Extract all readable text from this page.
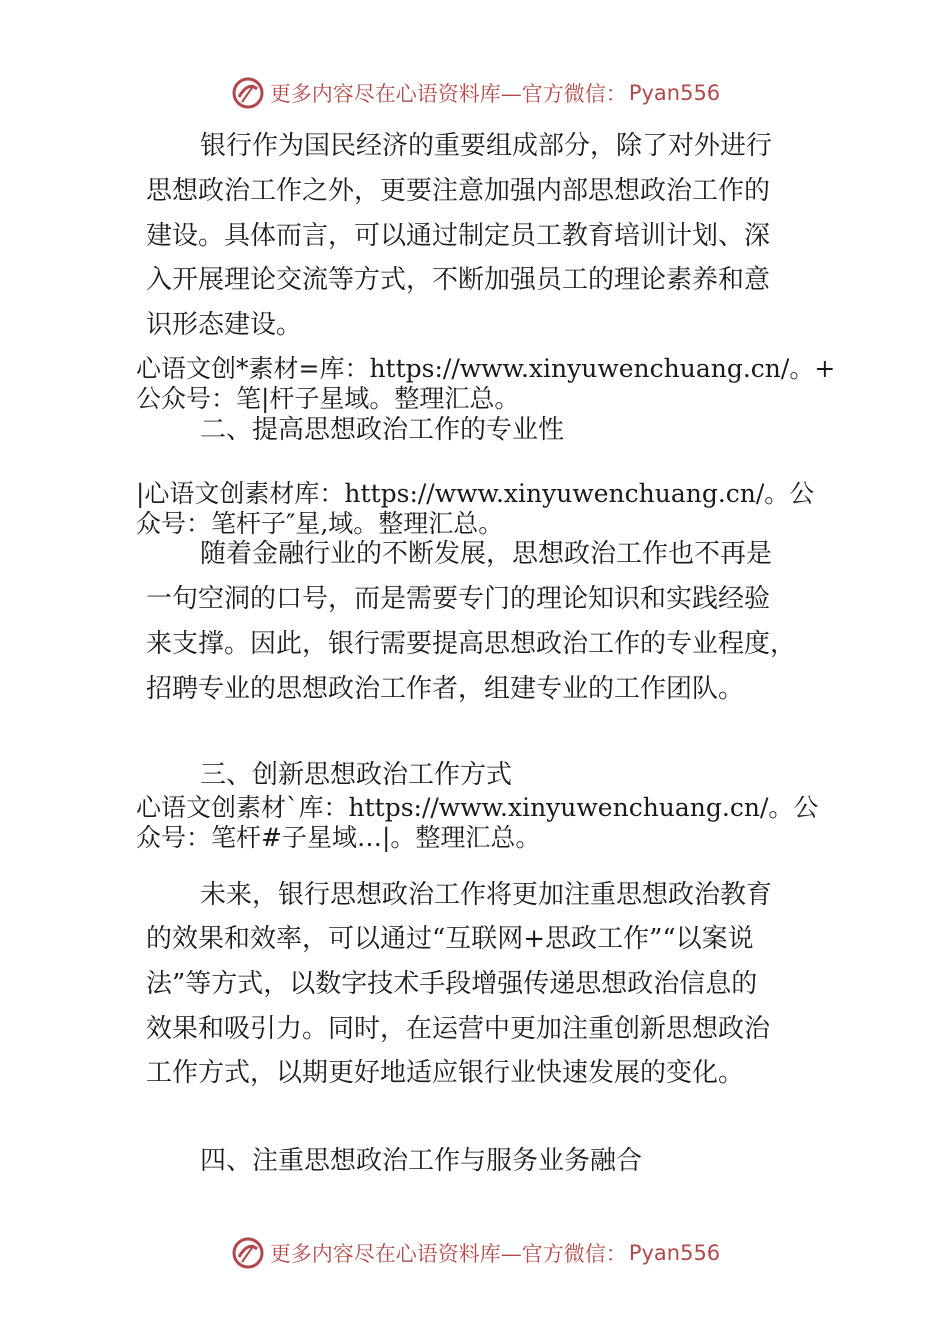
更多内容尽在心语资料库—官方微信： Pyan556
银行作为国民经济的重要组成部分，除了对外进行
思想政治工作之外，更要注意加强内部思想政治工作的
建设。具体而言，可以通过制定员工教育培训计划、深
入开展理论交流等方式，不断加强员工的理论素养和意
识形态建设。
心语文创*素材=库：https://www.xinyuwenchuang.cn/。+
公众号：笔|杆子星域。整理汇总。
二、提高思想政治工作的专业性
|心语文创素材库：https://www.xinyuwenchuang.cn/。公
众号：笔杆子″星,域。整理汇总。
随着金融行业的不断发展，思想政治工作也不再是
一句空洞的口号，而是需要专门的理论知识和实践经验
来支撑。因此，银行需要提高思想政治工作的专业程度，
招聘专业的思想政治工作者，组建专业的工作团队。
三、创新思想政治工作方式
心语文创素材`库：https://www.xinyuwenchuang.cn/。公
众号：笔杆#子星域…|。整理汇总。
未来，银行思想政治工作将更加注重思想政治教育
的效果和效率，可以通过“互联网+思政工作”“以案说
法”等方式，以数字技术手段增强传递思想政治信息的
效果和吸引力。同时，在运营中更加注重创新思想政治
工作方式，以期更好地适应银行业快速发展的变化。
四、注重思想政治工作与服务业务融合
更多内容尽在心语资料库—官方微信： Pyan556
